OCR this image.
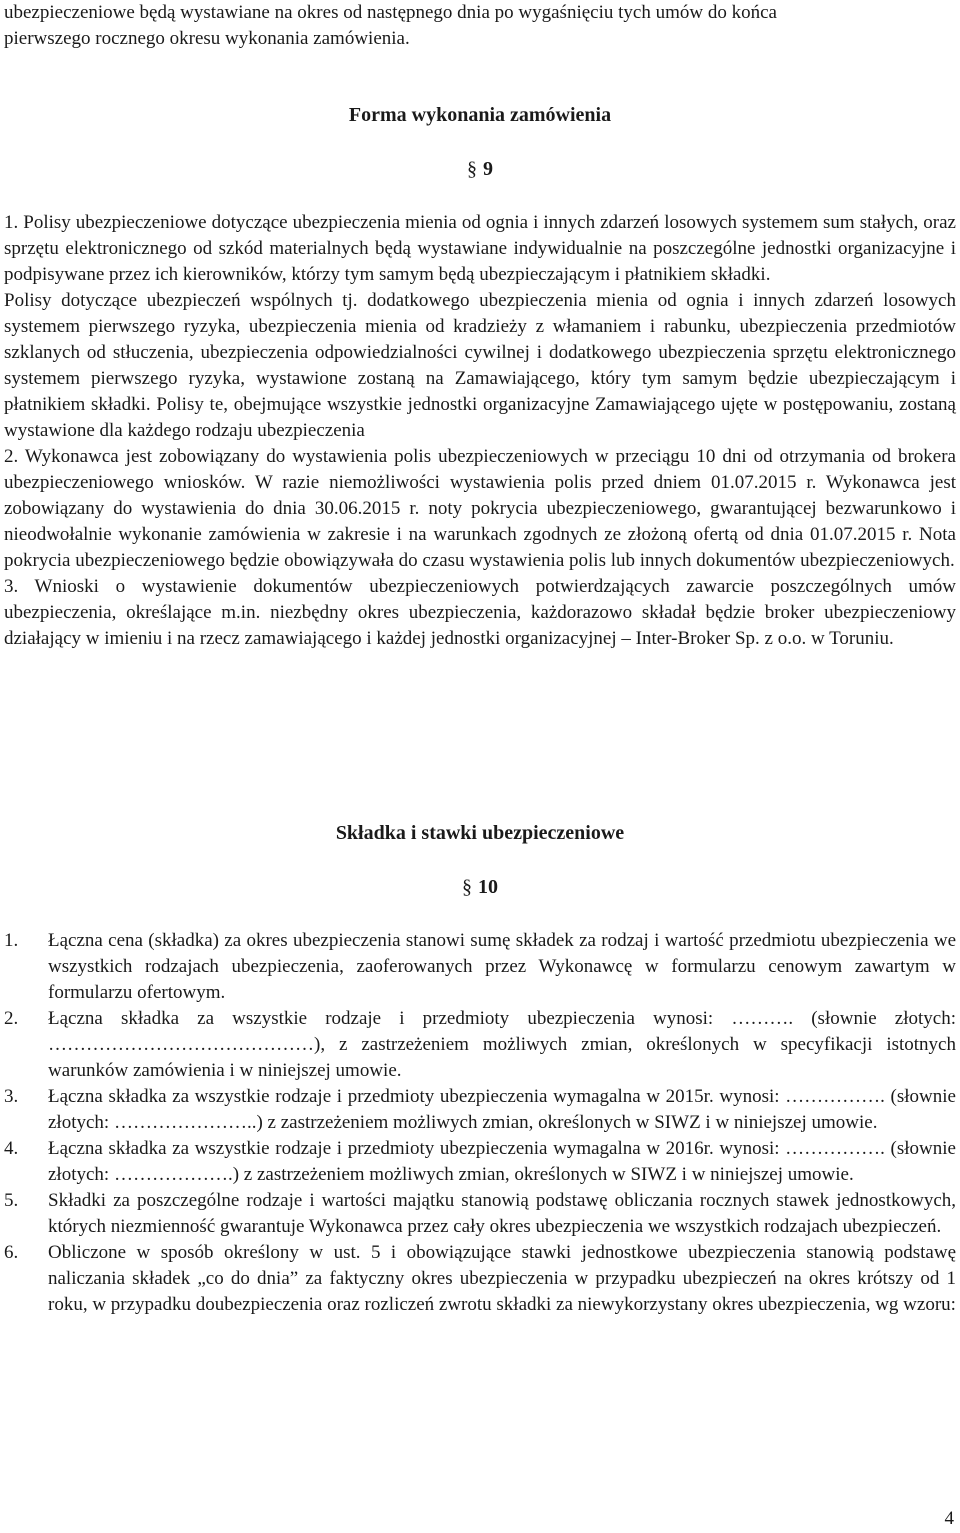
ubezpieczeniowe będą wystawiane na okres od następnego dnia po wygaśnięciu tych umów do końca
pierwszego rocznego okresu wykonania zamówienia.
Forma wykonania zamówienia
§ 9

1. Polisy ubezpieczeniowe dotyczące ubezpieczenia mienia od ognia i innych zdarzeń losowych systemem sum stałych, oraz sprzętu elektronicznego od szkód materialnych będą wystawiane indywidualnie na poszczególne jednostki organizacyjne i podpisywane przez ich kierowników, którzy tym samym będą ubezpieczającym i płatnikiem składki.

Polisy dotyczące ubezpieczeń wspólnych tj. dodatkowego ubezpieczenia mienia od ognia i innych zdarzeń losowych systemem pierwszego ryzyka, ubezpieczenia mienia od kradzieży z włamaniem i rabunku, ubezpieczenia przedmiotów szklanych od stłuczenia, ubezpieczenia odpowiedzialności cywilnej i dodatkowego ubezpieczenia sprzętu elektronicznego systemem pierwszego ryzyka, wystawione zostaną na Zamawiającego, który tym samym będzie ubezpieczającym i płatnikiem składki. Polisy te, obejmujące wszystkie jednostki organizacyjne Zamawiającego ujęte w postępowaniu, zostaną wystawione dla każdego rodzaju ubezpieczenia

2. Wykonawca jest zobowiązany do wystawienia polis ubezpieczeniowych w przeciągu 10 dni od otrzymania od brokera ubezpieczeniowego wniosków. W razie niemożliwości wystawienia polis przed dniem 01.07.2015 r. Wykonawca jest zobowiązany do wystawienia do dnia 30.06.2015 r. noty pokrycia ubezpieczeniowego, gwarantującej bezwarunkowo i nieodwołalnie wykonanie zamówienia w zakresie i na warunkach zgodnych ze złożoną ofertą od dnia 01.07.2015 r. Nota pokrycia ubezpieczeniowego będzie obowiązywała do czasu wystawienia polis lub innych dokumentów ubezpieczeniowych.

3. Wnioski o wystawienie dokumentów ubezpieczeniowych potwierdzających zawarcie poszczególnych umów ubezpieczenia, określające m.in. niezbędny okres ubezpieczenia, każdorazowo składał będzie broker ubezpieczeniowy działający w imieniu i na rzecz zamawiającego i każdej jednostki organizacyjnej ‒ Inter-Broker Sp. z o.o. w Toruniu.

Składka i stawki ubezpieczeniowe
§ 10
1. Łączna cena (składka) za okres ubezpieczenia stanowi sumę składek za rodzaj i wartość przedmiotu ubezpieczenia we wszystkich rodzajach ubezpieczenia, zaoferowanych przez Wykonawcę w formularzu cenowym zawartym w formularzu ofertowym.
2. Łączna składka za wszystkie rodzaje i przedmioty ubezpieczenia wynosi: ………. (słownie złotych: ……………………………………), z zastrzeżeniem możliwych zmian, określonych w specyfikacji istotnych warunków zamówienia i w niniejszej umowie.
3. Łączna składka za wszystkie rodzaje i przedmioty ubezpieczenia wymagalna w 2015r. wynosi: ……………. (słownie złotych: …………………..) z zastrzeżeniem możliwych zmian, określonych w SIWZ i w niniejszej umowie.
4. Łączna składka za wszystkie rodzaje i przedmioty ubezpieczenia wymagalna w 2016r. wynosi: ……………. (słownie złotych: ……………….) z zastrzeżeniem możliwych zmian, określonych w SIWZ i w niniejszej umowie.
5. Składki za poszczególne rodzaje i wartości majątku stanowią podstawę obliczania rocznych stawek jednostkowych, których niezmienność gwarantuje Wykonawca przez cały okres ubezpieczenia we wszystkich rodzajach ubezpieczeń.
6. Obliczone w sposób określony w ust. 5 i obowiązujące stawki jednostkowe ubezpieczenia stanowią podstawę naliczania składek „co do dnia” za faktyczny okres ubezpieczenia w przypadku ubezpieczeń na okres krótszy od 1 roku, w przypadku doubezpieczenia oraz rozliczeń zwrotu składki za niewykorzystany okres ubezpieczenia, wg wzoru:
4
